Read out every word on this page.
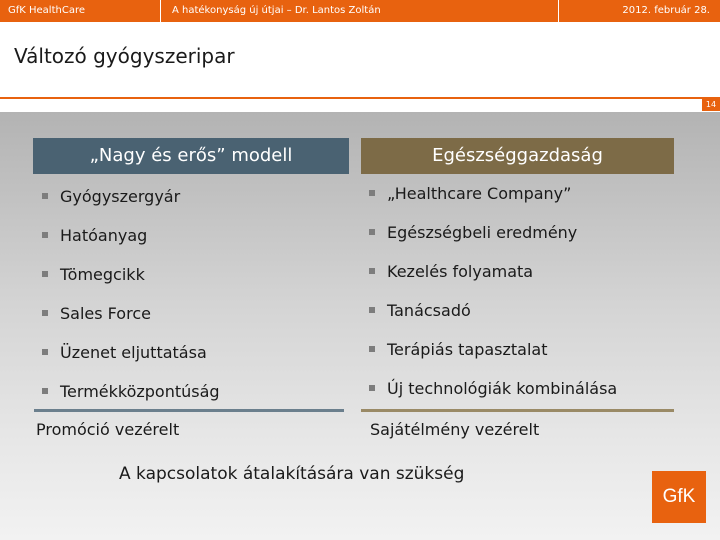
GfK HealthCare	A hatékonyság új útjai – Dr. Lantos Zoltán	2012. február 28.
Változó gyógyszeripar
14
„Nagy és erős” modell	Egészséggazdaság
Gyógyszergyár
Hatóanyag
Tömegcikk
Sales Force
Üzenet eljuttatása
Termékközpontúság
„Healthcare Company”
Egészségbeli eredmény
Kezelés folyamata
Tanácsadó
Terápiás tapasztalat
Új technológiák kombinálása
Promóció vezérelt	Sajátélmény vezérelt
A kapcsolatok átalakítására van szükség
GfK
